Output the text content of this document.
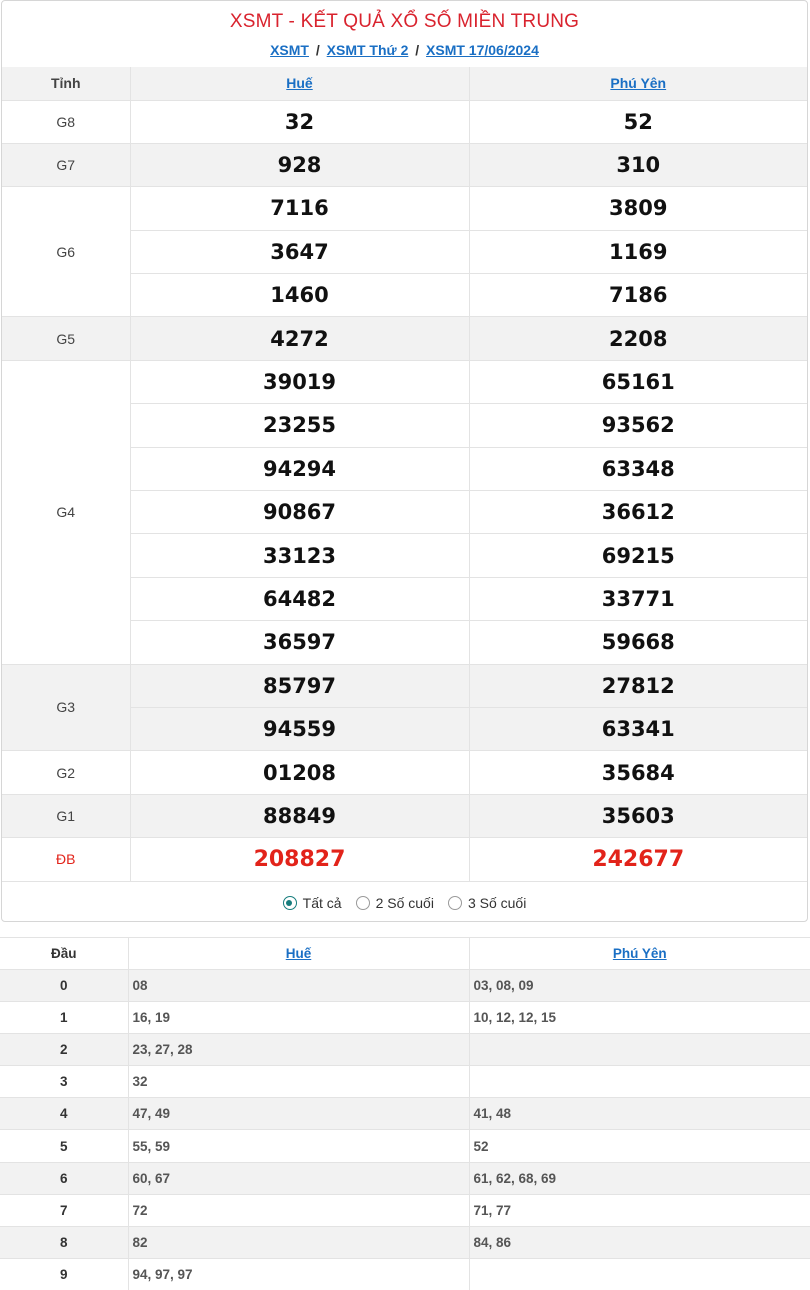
XSMT - KẾT QUẢ XỔ SỐ MIỀN TRUNG
XSMT / XSMT Thứ 2 / XSMT 17/06/2024
Tỉnh	Huế	Phú Yên
G8	32	52
G7	928	310
G6	7116	3809
	3647	1169
	1460	7186
G5	4272	2208
G4	39019	65161
	23255	93562
	94294	63348
	90867	36612
	33123	69215
	64482	33771
	36597	59668
G3	85797	27812
	94559	63341
G2	01208	35684
G1	88849	35603
ĐB	208827	242677
Tất cả 2 Số cuối 3 Số cuối
Đầu	Huế	Phú Yên
0	08	03, 08, 09
1	16, 19	10, 12, 12, 15
2	23, 27, 28	
3	32	
4	47, 49	41, 48
5	55, 59	52
6	60, 67	61, 62, 68, 69
7	72	71, 77
8	82	84, 86
9	94, 97, 97	
